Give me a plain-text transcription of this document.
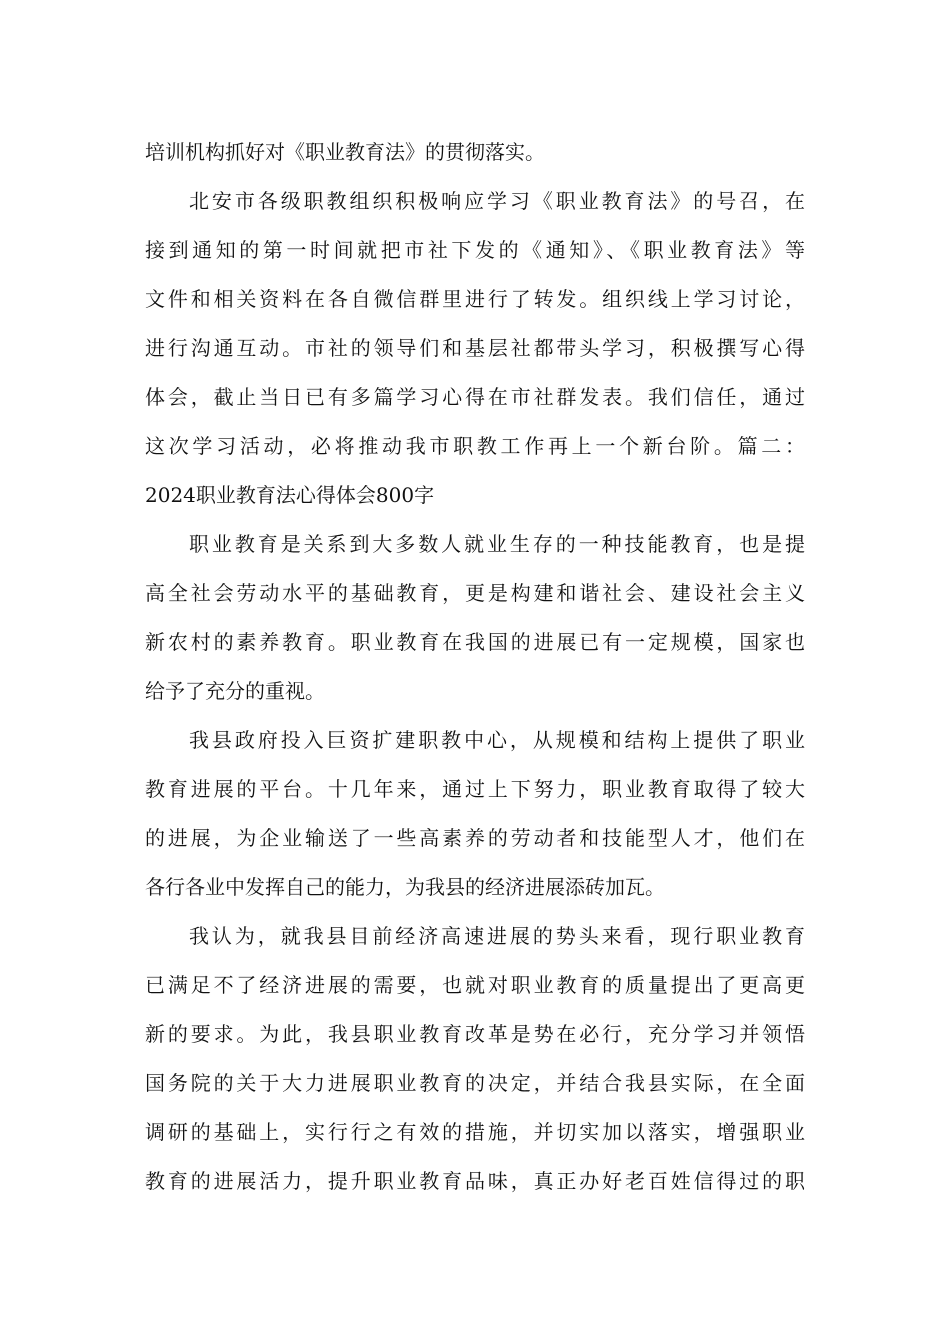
培训机构抓好对《职业教育法》的贯彻落实。
北安市各级职教组织积极响应学习《职业教育法》的号召，在
接到通知的第一时间就把市社下发的《通知》、《职业教育法》等
文件和相关资料在各自微信群里进行了转发。组织线上学习讨论，
进行沟通互动。市社的领导们和基层社都带头学习，积极撰写心得
体会，截止当日已有多篇学习心得在市社群发表。我们信任，通过
这次学习活动，必将推动我市职教工作再上一个新台阶。篇二：
2024职业教育法心得体会800字
职业教育是关系到大多数人就业生存的一种技能教育，也是提
高全社会劳动水平的基础教育，更是构建和谐社会、建设社会主义
新农村的素养教育。职业教育在我国的进展已有一定规模，国家也
给予了充分的重视。
我县政府投入巨资扩建职教中心，从规模和结构上提供了职业
教育进展的平台。十几年来，通过上下努力，职业教育取得了较大
的进展，为企业输送了一些高素养的劳动者和技能型人才，他们在
各行各业中发挥自己的能力，为我县的经济进展添砖加瓦。
我认为，就我县目前经济高速进展的势头来看，现行职业教育
已满足不了经济进展的需要，也就对职业教育的质量提出了更高更
新的要求。为此，我县职业教育改革是势在必行，充分学习并领悟
国务院的关于大力进展职业教育的决定，并结合我县实际，在全面
调研的基础上，实行行之有效的措施，并切实加以落实，增强职业
教育的进展活力，提升职业教育品味，真正办好老百姓信得过的职
